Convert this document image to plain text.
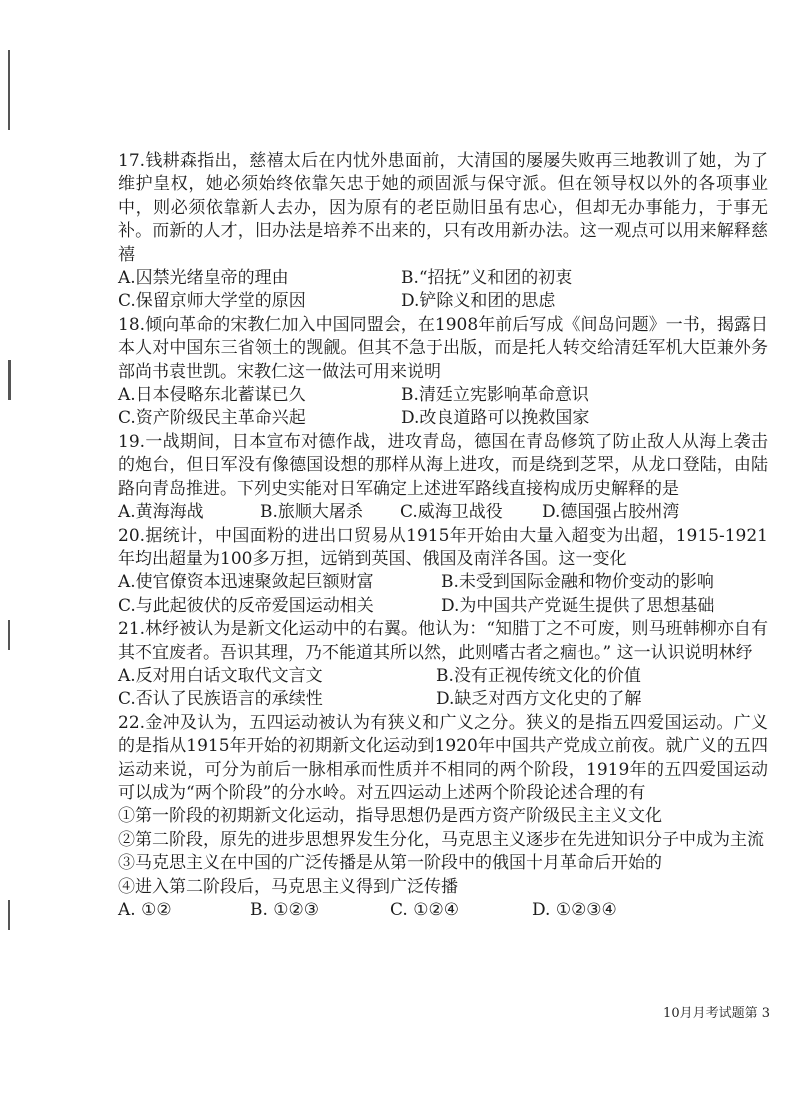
17.钱耕森指出，慈禧太后在内忧外患面前，大清国的屡屡失败再三地教训了她，为了维护皇权，她必须始终依靠矢忠于她的顽固派与保守派。但在领导权以外的各项事业中，则必须依靠新人去办，因为原有的老臣勋旧虽有忠心，但却无办事能力，于事无补。而新的人才，旧办法是培养不出来的，只有改用新办法。这一观点可以用来解释慈禧

A.囚禁光绪皇帝的理由	B.“招抚”义和团的初衷
C.保留京师大学堂的原因	D.铲除义和团的思虑

18.倾向革命的宋教仁加入中国同盟会，在1908年前后写成《间岛问题》一书，揭露日本人对中国东三省领土的觊觎。但其不急于出版，而是托人转交给清廷军机大臣兼外务部尚书袁世凯。宋教仁这一做法可用来说明

A.日本侵略东北蓄谋已久	B.清廷立宪影响革命意识
C.资产阶级民主革命兴起	D.改良道路可以挽救国家

19.一战期间，日本宣布对德作战，进攻青岛，德国在青岛修筑了防止敌人从海上袭击的炮台，但日军没有像德国设想的那样从海上进攻，而是绕到芝罘，从龙口登陆，由陆路向青岛推进。下列史实能对日军确定上述进军路线直接构成历史解释的是

A.黄海海战	B.旅顺大屠杀	C.威海卫战役	D.德国强占胶州湾

20.据统计，中国面粉的进出口贸易从1915年开始由大量入超变为出超，1915-1921年均出超量为100多万担，远销到英国、俄国及南洋各国。这一变化

A.使官僚资本迅速聚敛起巨额财富	B.未受到国际金融和物价变动的影响
C.与此起彼伏的反帝爱国运动相关	D.为中国共产党诞生提供了思想基础

21.林纾被认为是新文化运动中的右翼。他认为：“知腊丁之不可废，则马班韩柳亦自有其不宜废者。吾识其理，乃不能道其所以然，此则嗜古者之痼也。” 这一认识说明林纾

A.反对用白话文取代文言文	B.没有正视传统文化的价值
C.否认了民族语言的承续性	D.缺乏对西方文化史的了解

22.金冲及认为，五四运动被认为有狭义和广义之分。狭义的是指五四爱国运动。广义的是指从1915年开始的初期新文化运动到1920年中国共产党成立前夜。就广义的五四运动来说，可分为前后一脉相承而性质并不相同的两个阶段，1919年的五四爱国运动可以成为“两个阶段”的分水岭。对五四运动上述两个阶段论述合理的有

①第一阶段的初期新文化运动，指导思想仍是西方资产阶级民主主义文化

②第二阶段，原先的进步思想界发生分化，马克思主义逐步在先进知识分子中成为主流

③马克思主义在中国的广泛传播是从第一阶段中的俄国十月革命后开始的

④进入第二阶段后，马克思主义得到广泛传播

A. ①②	B. ①②③	C. ①②④	D. ①②③④
10月月考试题第 3
